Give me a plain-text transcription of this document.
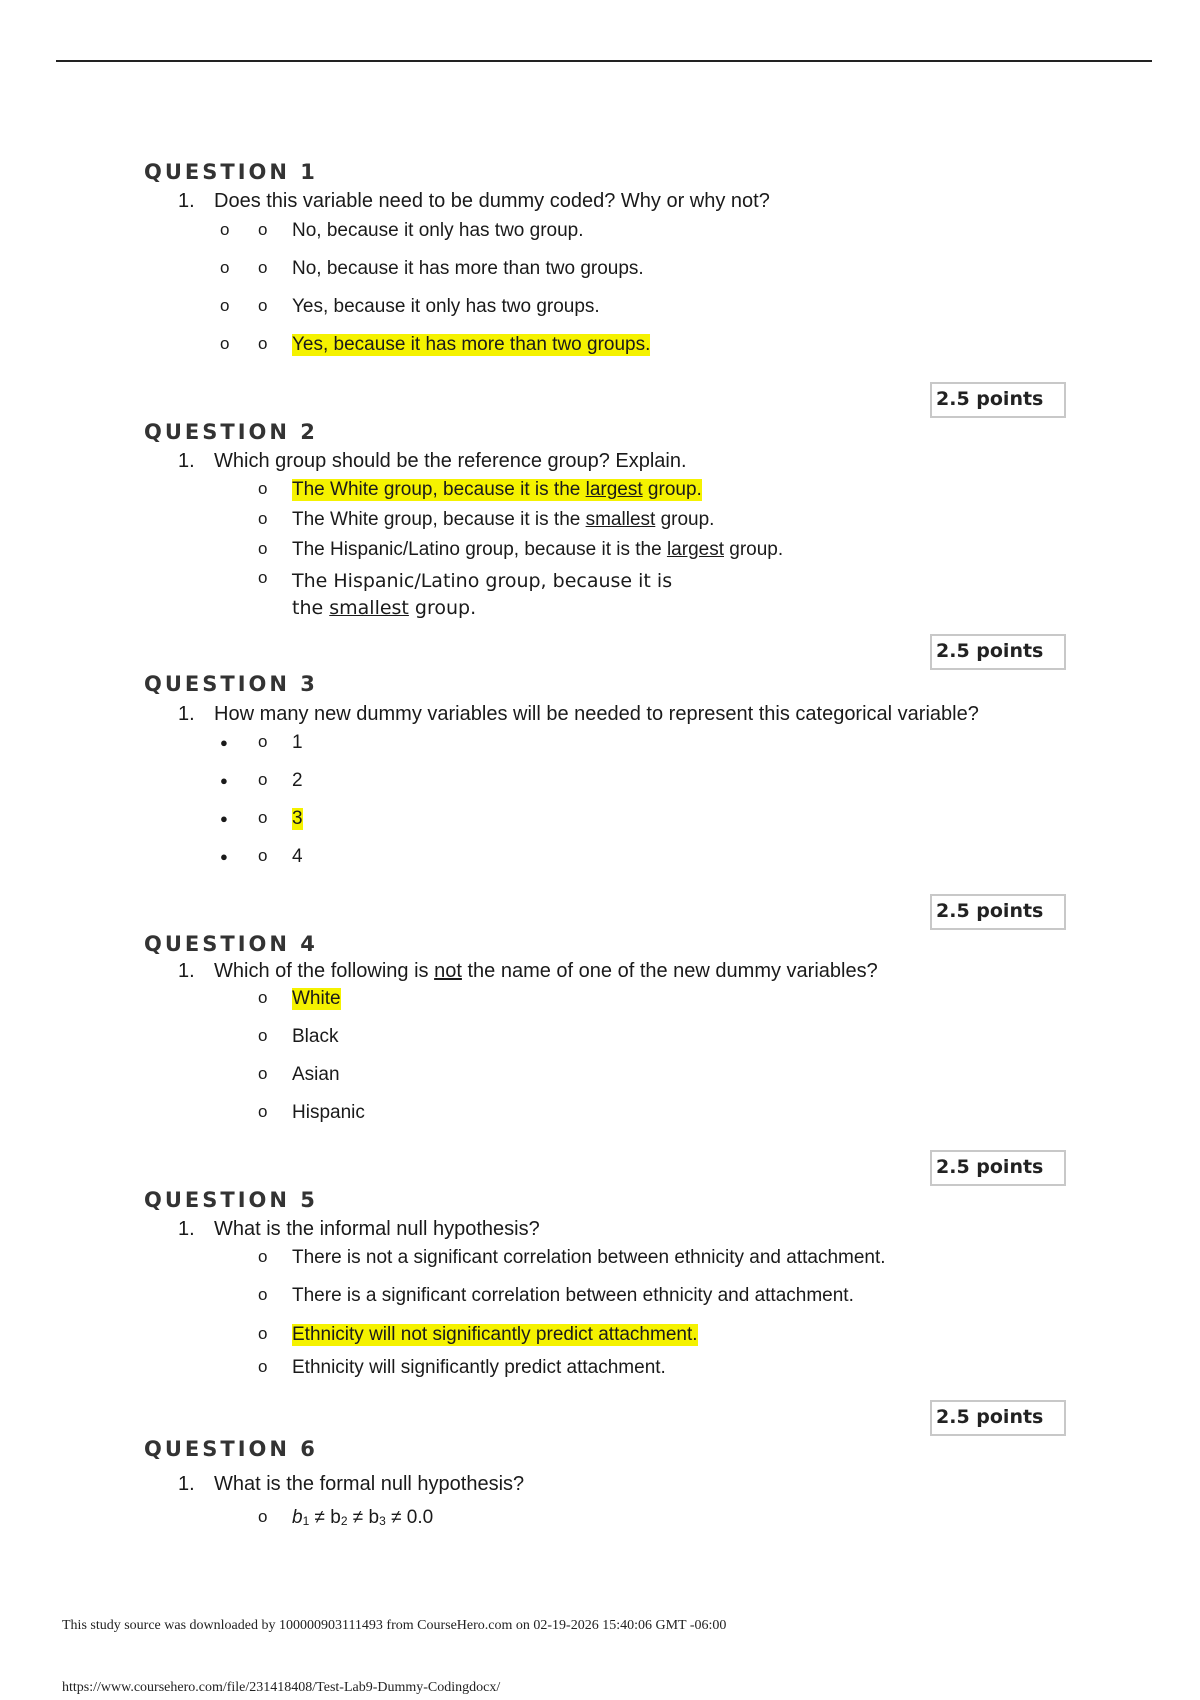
QUESTION 1
1. Does this variable need to be dummy coded? Why or why not?
o o No, because it only has two group.
o o No, because it has more than two groups.
o o Yes, because it only has two groups.
o o Yes, because it has more than two groups.
2.5 points
QUESTION 2
1. Which group should be the reference group? Explain.
o The White group, because it is the largest group.
o The White group, because it is the smallest group.
o The Hispanic/Latino group, because it is the largest group.
o The Hispanic/Latino group, because it is
the smallest group.
2.5 points
QUESTION 3
1. How many new dummy variables will be needed to represent this categorical variable?
● o 1
● o 2
● o 3
● o 4
2.5 points
QUESTION 4
1. Which of the following is not the name of one of the new dummy variables?
o White
o Black
o Asian
o Hispanic
2.5 points
QUESTION 5
1. What is the informal null hypothesis?
o There is not a significant correlation between ethnicity and attachment.
o There is a significant correlation between ethnicity and attachment.
o Ethnicity will not significantly predict attachment.
o Ethnicity will significantly predict attachment.
2.5 points
QUESTION 6
1. What is the formal null hypothesis?
o b1 ≠ b2 ≠ b3 ≠ 0.0
This study source was downloaded by 100000903111493 from CourseHero.com on 02-19-2026 15:40:06 GMT -06:00
https://www.coursehero.com/file/231418408/Test-Lab9-Dummy-Codingdocx/
